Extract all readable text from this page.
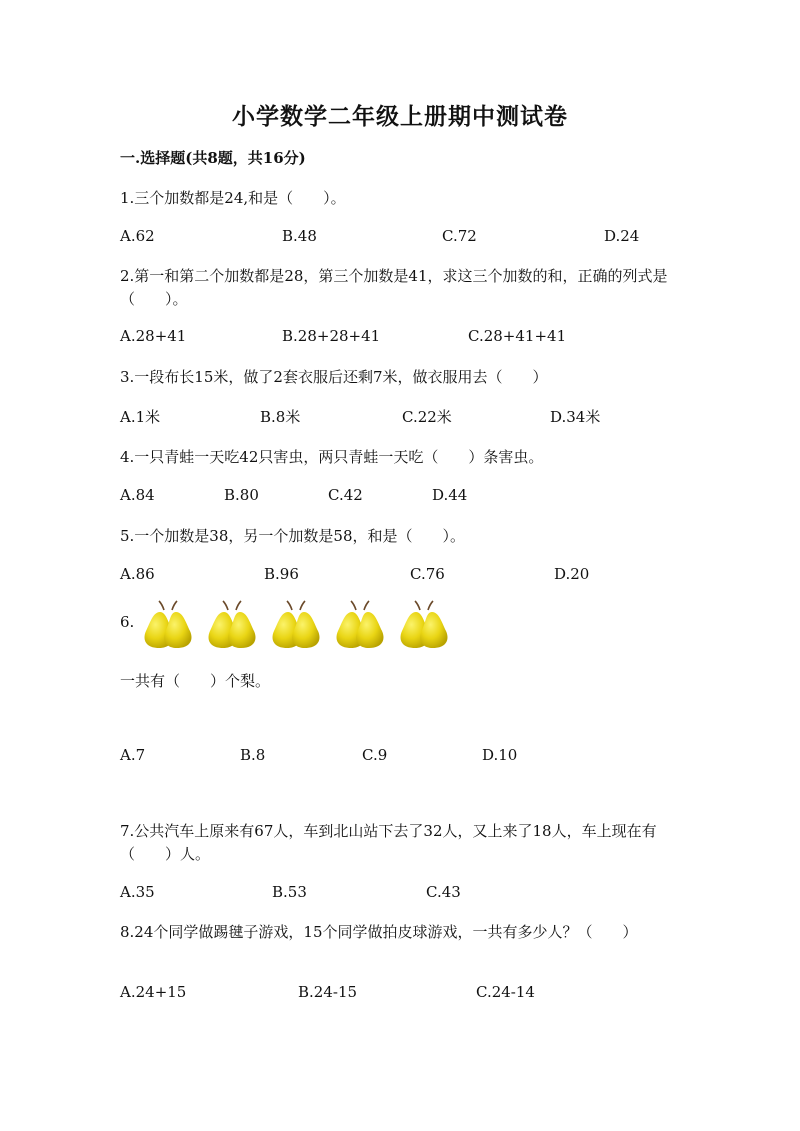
小学数学二年级上册期中测试卷
一.选择题(共8题，共16分)
1.三个加数都是24,和是（　　）。
A.62	B.48	C.72	D.24
2.第一和第二个加数都是28，第三个加数是41，求这三个加数的和，正确的列式是（　　）。
A.28+41	B.28+28+41	C.28+41+41
3.一段布长15米，做了2套衣服后还剩7米，做衣服用去（　　）
A.1米	B.8米	C.22米	D.34米
4.一只青蛙一天吃42只害虫，两只青蛙一天吃（　　）条害虫。
A.84	B.80	C.42	D.44
5.一个加数是38，另一个加数是58，和是（　　）。
A.86	B.96	C.76	D.20
6.
一共有（　　）个梨。
A.7	B.8	C.9	D.10
7.公共汽车上原来有67人，车到北山站下去了32人，又上来了18人，车上现在有（　　）人。
A.35	B.53	C.43
8.24个同学做踢毽子游戏，15个同学做拍皮球游戏，一共有多少人？（　　）
A.24+15	B.24-15	C.24-14
